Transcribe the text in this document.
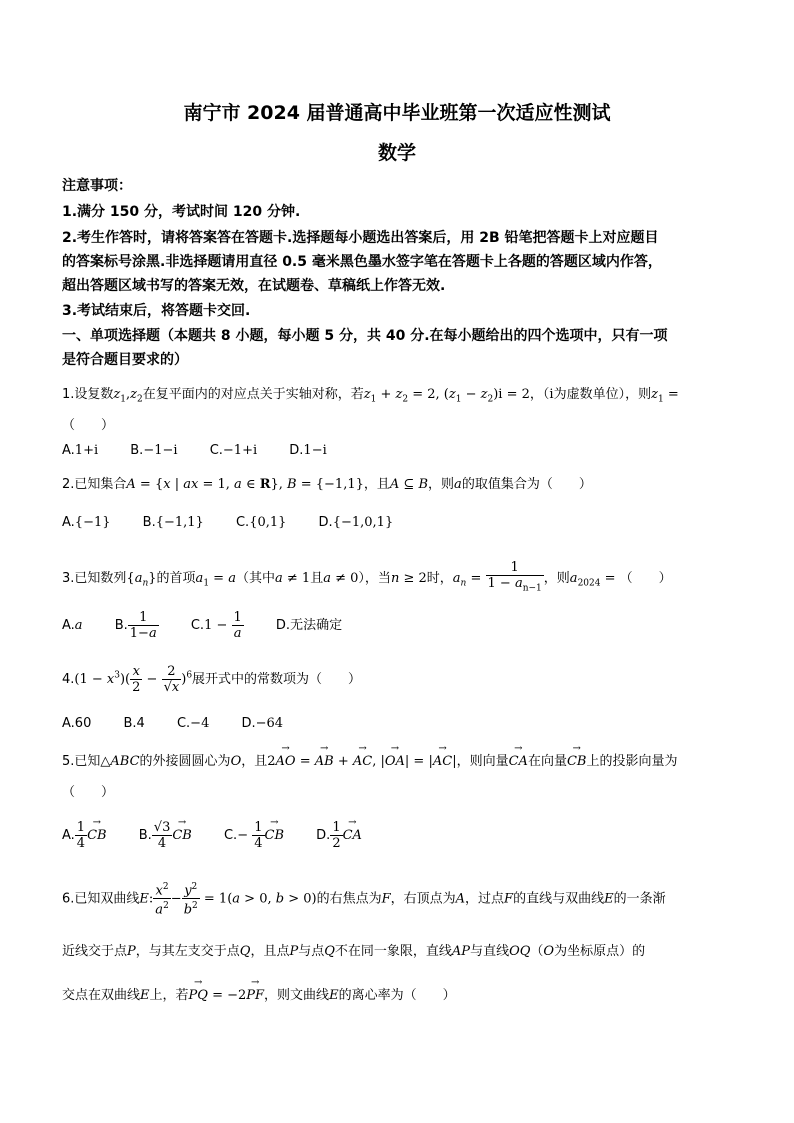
南宁市 2024 届普通高中毕业班第一次适应性测试
数学
注意事项：
1.满分 150 分，考试时间 120 分钟.
2.考生作答时，请将答案答在答题卡.选择题每小题选出答案后，用 2B 铅笔把答题卡上对应题目
的答案标号涂黑.非选择题请用直径 0.5 毫米黑色墨水签字笔在答题卡上各题的答题区域内作答，
超出答题区域书写的答案无效，在试题卷、草稿纸上作答无效.
3.考试结束后，将答题卡交回.
一、单项选择题（本题共 8 小题，每小题 5 分，共 40 分.在每小题给出的四个选项中，只有一项
是符合题目要求的）
1.设复数$z_1,z_2$在复平面内的对应点关于实轴对称，若$z_1 + z_2 = 2$, $(z_1 - z_2)i = 2$，（i为虚数单位），则$z_1$ =
（　　）
A.1+i B.−1−i C.−1+i D.1−i
2.已知集合A = {x | ax = 1, a ∈ R}, B = {−1,1}，且A ⊆ B，则a的取值集合为（　　）
A.{−1} B.{−1,1} C.{0,1} D.{−1,0,1}
3.已知数列$\{a_n\}$的首项$a_1 = a$（其中a ≠ 1且a ≠ 0），当n ≥ 2时，$a_n = \frac{1}{1 - a_{n-1}}$ ，则$a_{2024}$ = （　　）
A.a B. $\frac{1}{1-a} C.1 - \frac{1}{a} D$.无法确定
$4.(1 - x^3)( \frac{x}{2} - \frac{2}{√x} )^6$展开式中的常数项为（　　）
A.60 B.4 C.−4 D.−64
5.已知△ABC的外接圆圆心为O，且2→ AO = → AB + → AC, |→ OA| = |→ AC|，则向量→ CA在向量→ CB上的投影向量为
（　　）
A. $\frac{1}{4}$ → CB B. $\frac{√3}{4}$ → CB $C.- \frac{1}{4}$ → CB D. $\frac{1}{2}$ → CA
6.已知双曲线E: $\frac{x^2}{a^2} - \frac{y^2}{b^2} = 1(a > 0$, b > 0)的右焦点为F，右顶点为A，过点F的直线与双曲线E的一条渐
近线交于点P，与其左支交于点Q，且点P与点Q不在同一象限，直线AP与直线OQ（O为坐标原点）的
交点在双曲线E上，若→ PQ = −2→ PF，则文曲线E的离心率为（　　）
